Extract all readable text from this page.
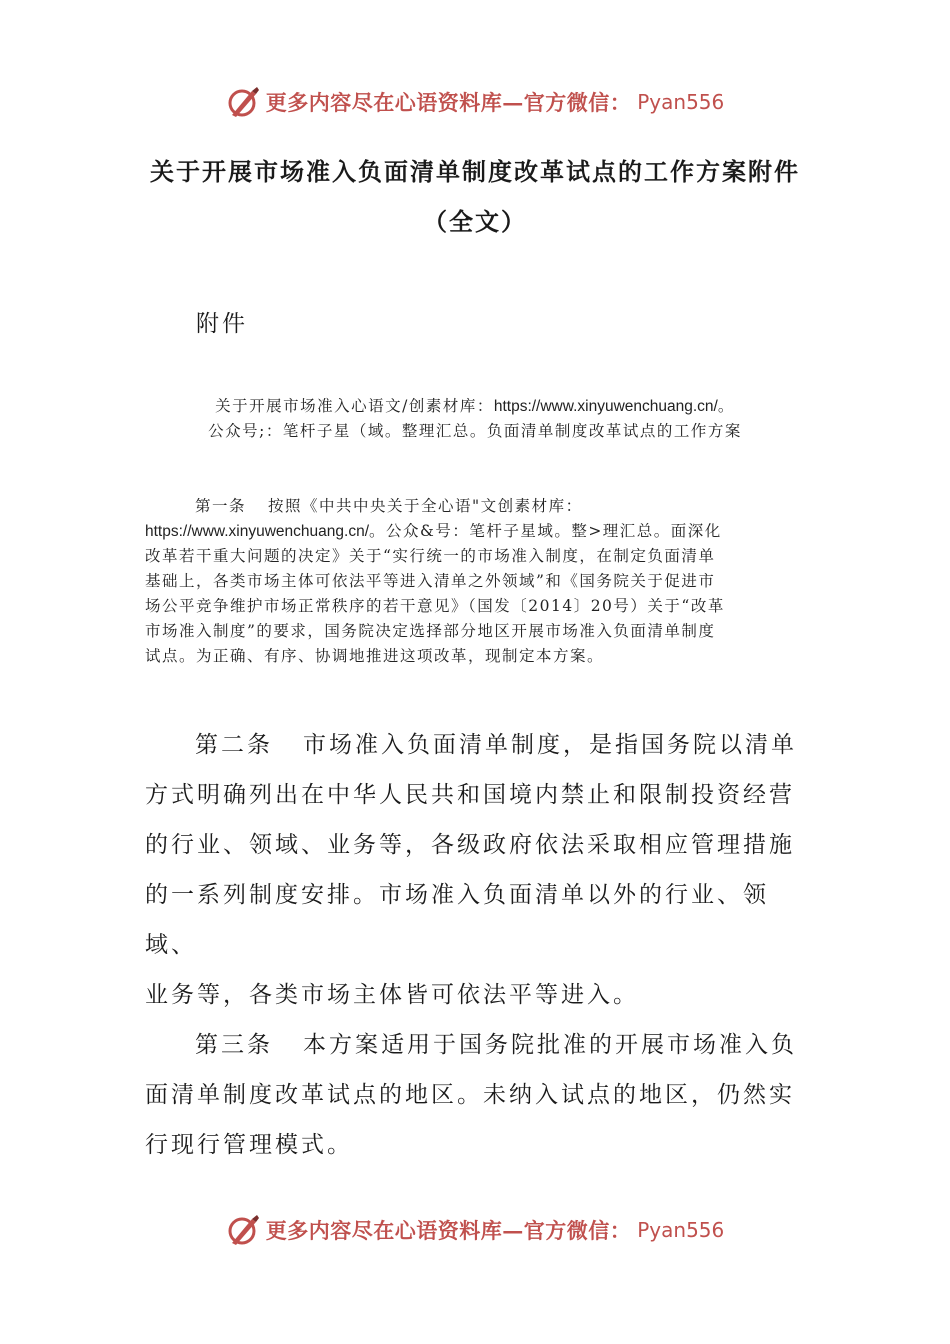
更多内容尽在心语资料库—官方微信： Pyan556
关于开展市场准入负面清单制度改革试点的工作方案附件
（全文）
附件
关于开展市场准入心语文/创素材库：https://www.xinyuwenchuang.cn/。
公众号;：笔杆子星（域。整理汇总。负面清单制度改革试点的工作方案
第一条 按照《中共中央关于全心语"文创素材库：
https://www.xinyuwenchuang.cn/。公众&号：笔杆子星域。整>理汇总。面深化
改革若干重大问题的决定》关于“实行统一的市场准入制度，在制定负面清单
基础上，各类市场主体可依法平等进入清单之外领域”和《国务院关于促进市
场公平竞争维护市场正常秩序的若干意见》（国发〔2014〕20号）关于“改革
市场准入制度”的要求，国务院决定选择部分地区开展市场准入负面清单制度
试点。为正确、有序、协调地推进这项改革，现制定本方案。
第二条 市场准入负面清单制度，是指国务院以清单
方式明确列出在中华人民共和国境内禁止和限制投资经营
的行业、领域、业务等，各级政府依法采取相应管理措施
的一系列制度安排。市场准入负面清单以外的行业、领域、
业务等，各类市场主体皆可依法平等进入。
第三条 本方案适用于国务院批准的开展市场准入负
面清单制度改革试点的地区。未纳入试点的地区，仍然实
行现行管理模式。
更多内容尽在心语资料库—官方微信： Pyan556
